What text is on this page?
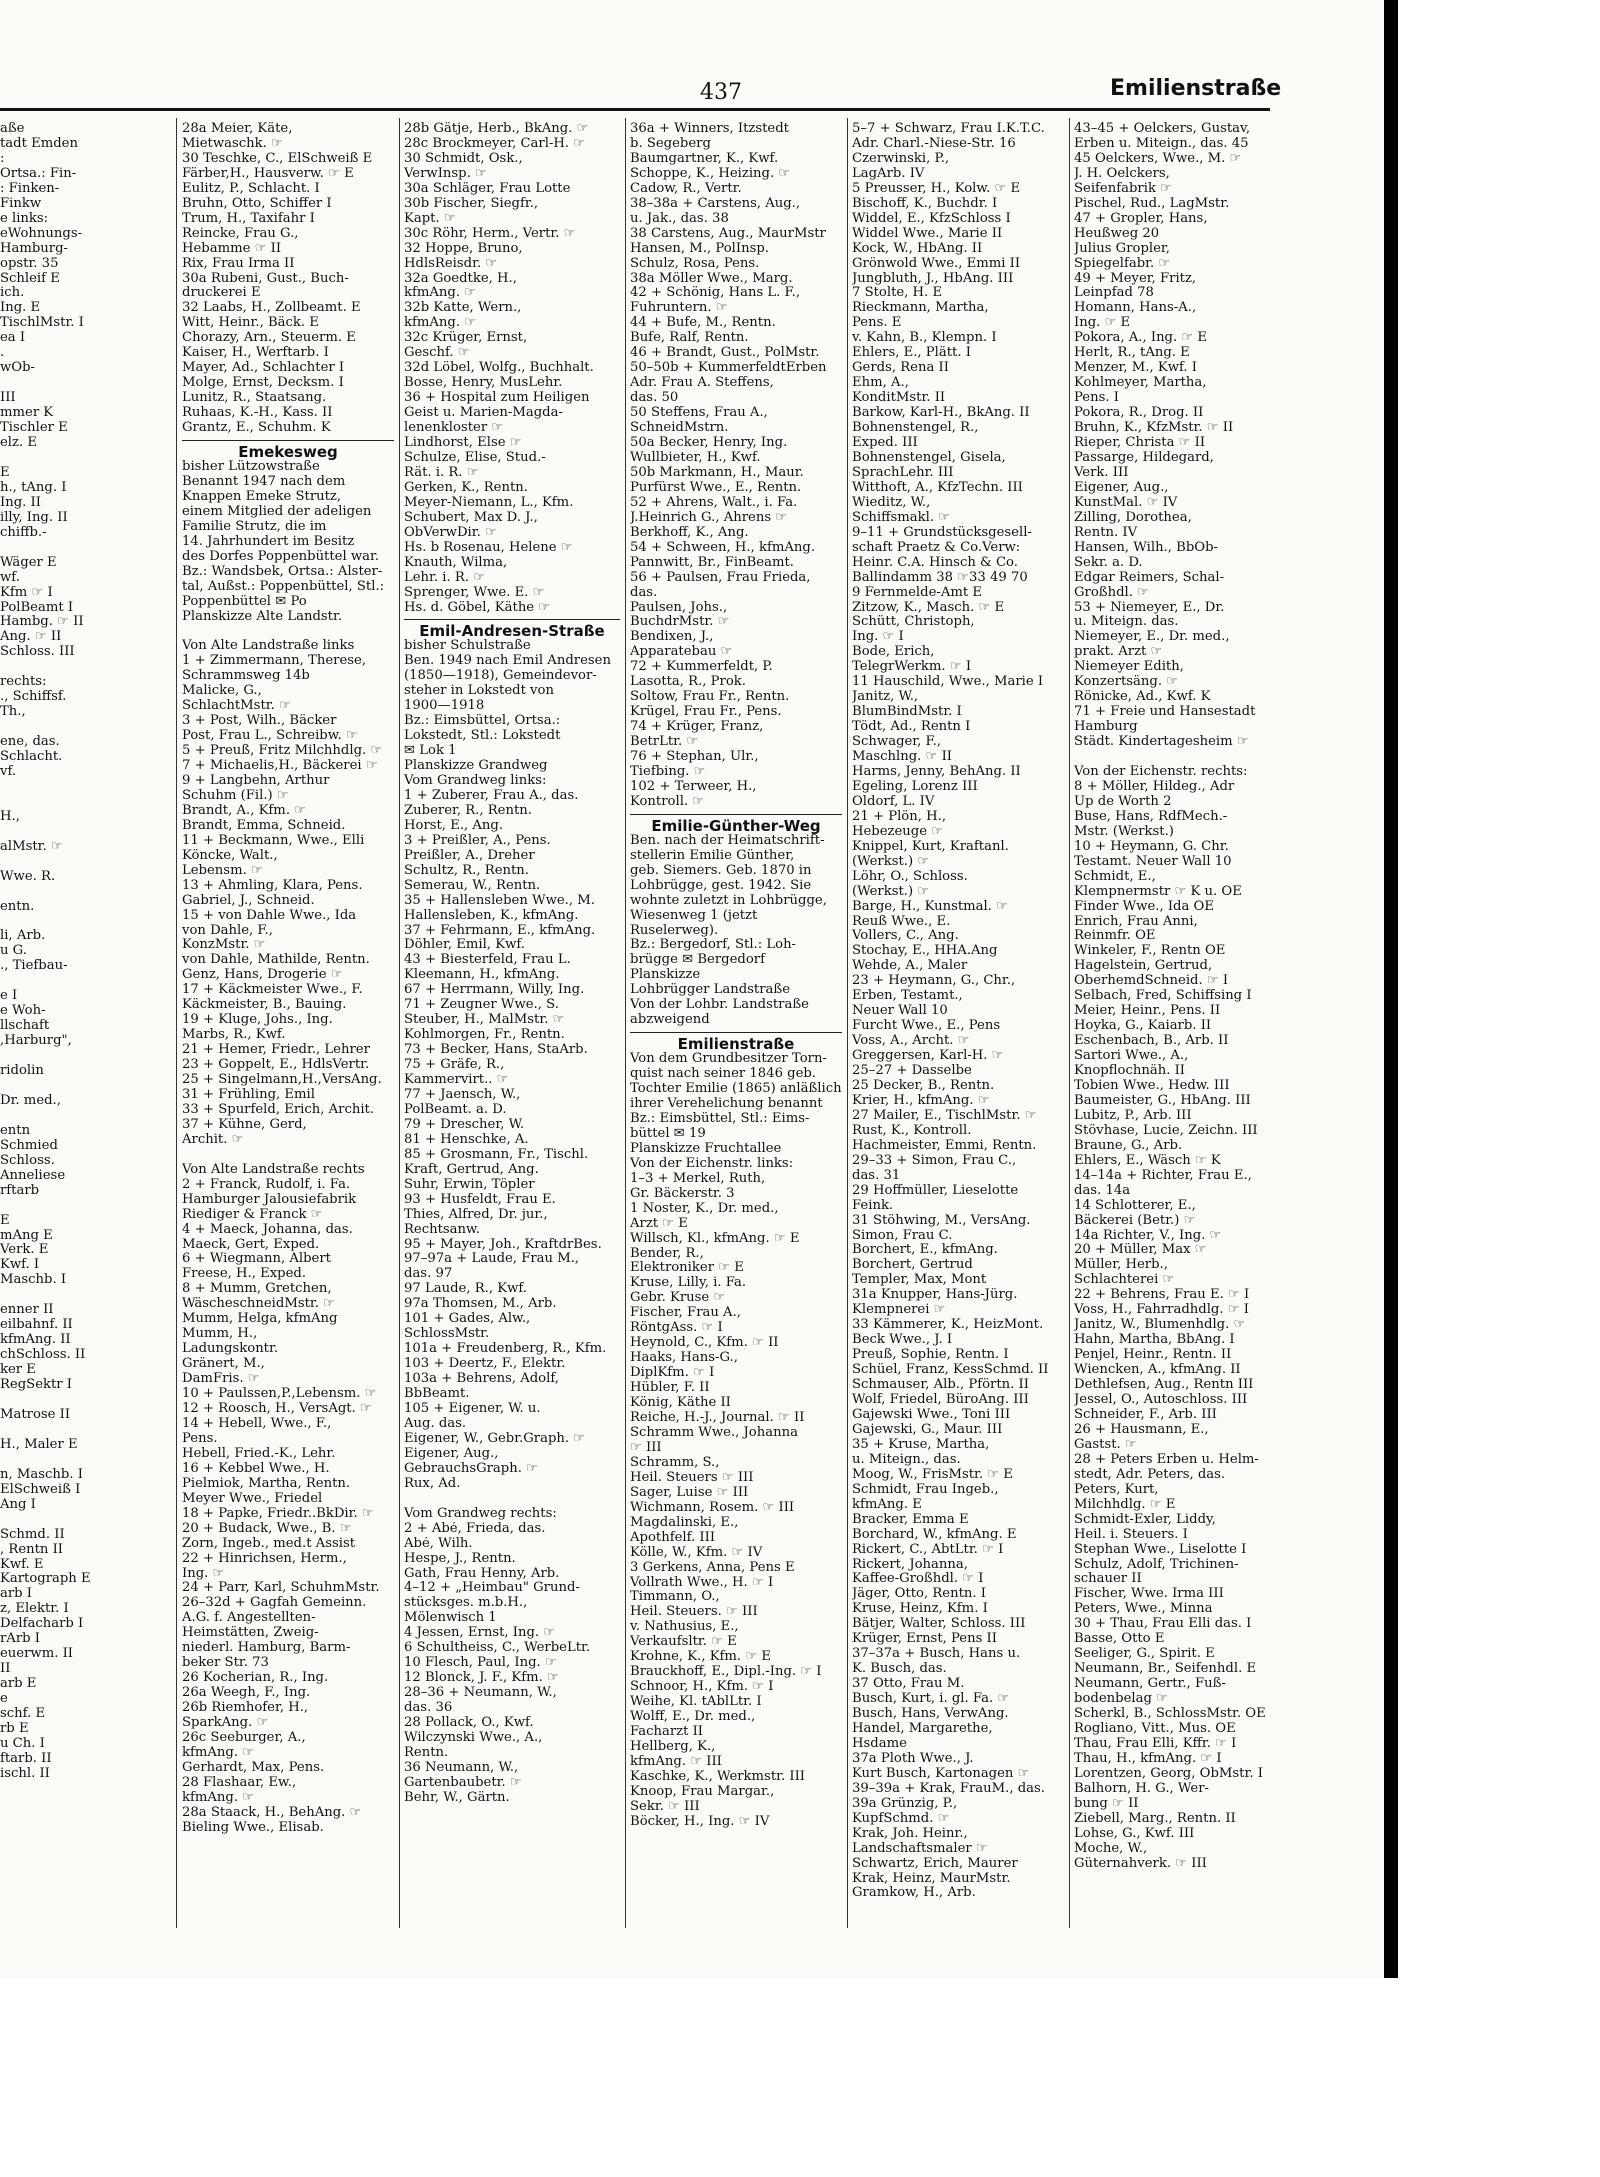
437	Emilienstraße
aße
tadt Emden
:
Ortsa.: Fin-
: Finken-
Finkw
e links:
eWohnungs-
Hamburg-
opstr. 35
Schleif E
ich.
Ing. E
TischlMstr. I
ea I
.
wOb-

III
mmer K
Tischler E
elz. E

E
h., tAng. I
Ing. II
illy, Ing. II
chiffb.-

Wäger E
wf.
Kfm ☞ I
PolBeamt I
Hambg. ☞ II
Ang. ☞ II
Schloss. III

rechts:
., Schiffsf.
Th.,

ene, das.
Schlacht.
vf.

H.,

alMstr. ☞

Wwe. R.

entn.

li, Arb.
u G.
., Tiefbau-

e I
e Woh-
llschaft
,Harburg",

ridolin

Dr. med.,

entn
Schmied
Schloss.
Anneliese
rftarb

E
mAng E
Verk. E
Kwf. I
Maschb. I

enner II
eilbahnf. II
kfmAng. II
chSchloss. II
ker E
RegSektr I

Matrose II

H., Maler E

n, Maschb. I
ElSchweiß I
Ang I

Schmd. II
, Rentn II
Kwf. E
Kartograph E
arb I
z, Elektr. I
Delfacharb I
rArb I
euerwm. II
II
arb E
e
schf. E
rb E
u Ch. I
ftarb. II
ischl. II
28a Meier, Käte,
Mietwaschk. ☞
30 Teschke, C., ElSchweiß E
Färber,H., Hausverw. ☞ E
Eulitz, P., Schlacht. I
Bruhn, Otto, Schiffer I
Trum, H., Taxifahr I
Reincke, Frau G.,
Hebamme ☞ II
Rix, Frau Irma II
30a Rubeni, Gust., Buch-
druckerei E
32 Laabs, H., Zollbeamt. E
Witt, Heinr., Bäck. E
Chorazy, Arn., Steuerm. E
Kaiser, H., Werftarb. I
Mayer, Ad., Schlachter I
Molge, Ernst, Decksm. I
Lunitz, R., Staatsang.
Ruhaas, K.-H., Kass. II
Grantz, E., Schuhm. K
Emekesweg
bisher Lützowstraße
Benannt 1947 nach dem
Knappen Emeke Strutz,
einem Mitglied der adeligen
Familie Strutz, die im
14. Jahrhundert im Besitz
des Dorfes Poppenbüttel war.
Bz.: Wandsbek, Ortsa.: Alster-
tal, Außst.: Poppenbüttel, Stl.:
Poppenbüttel ✉ Po
Planskizze Alte Landstr.

Von Alte Landstraße links
1 + Zimmermann, Therese,
Schrammsweg 14b
Malicke, G.,
SchlachtMstr. ☞
3 + Post, Wilh., Bäcker
Post, Frau L., Schreibw. ☞
5 + Preuß, Fritz Milchhdlg. ☞
7 + Michaelis,H., Bäckerei ☞
9 + Langbehn, Arthur
Schuhm (Fil.) ☞
Brandt, A., Kfm. ☞
Brandt, Emma, Schneid.
11 + Beckmann, Wwe., Elli
Köncke, Walt.,
Lebensm. ☞
13 + Ahmling, Klara, Pens.
Gabriel, J., Schneid.
15 + von Dahle Wwe., Ida
von Dahle, F.,
KonzMstr. ☞
von Dahle, Mathilde, Rentn.
Genz, Hans, Drogerie ☞
17 + Käckmeister Wwe., F.
Käckmeister, B., Bauing.
19 + Kluge, Johs., Ing.
Marbs, R., Kwf.
21 + Hemer, Friedr., Lehrer
23 + Goppelt, E., HdlsVertr.
25 + Singelmann,H.,VersAng.
31 + Frühling, Emil
33 + Spurfeld, Erich, Archit.
37 + Kühne, Gerd,
Archit. ☞

Von Alte Landstraße rechts
2 + Franck, Rudolf, i. Fa.
Hamburger Jalousiefabrik
Riediger & Franck ☞
4 + Maeck, Johanna, das.
Maeck, Gert, Exped.
6 + Wiegmann, Albert
Freese, H., Exped.
8 + Mumm, Gretchen,
WäscheschneidMstr. ☞
Mumm, Helga, kfmAng
Mumm, H.,
Ladungskontr.
Gränert, M.,
DamFris. ☞
10 + Paulssen,P.,Lebensm. ☞
12 + Roosch, H., VersAgt. ☞
14 + Hebell, Wwe., F.,
Pens.
Hebell, Fried.-K., Lehr.
16 + Kebbel Wwe., H.
Pielmiok, Martha, Rentn.
Meyer Wwe., Friedel
18 + Papke, Friedr..BkDir. ☞
20 + Budack, Wwe., B. ☞
Zorn, Ingeb., med.t Assist
22 + Hinrichsen, Herm.,
Ing. ☞
24 + Parr, Karl, SchuhmMstr.
26–32d + Gagfah Gemeinn.
A.G. f. Angestellten-
Heimstätten, Zweig-
niederl. Hamburg, Barm-
beker Str. 73
26 Kocherian, R., Ing.
26a Weegh, F., Ing.
26b Riemhofer, H.,
SparkAng. ☞
26c Seeburger, A.,
kfmAng. ☞
Gerhardt, Max, Pens.
28 Flashaar, Ew.,
kfmAng. ☞
28a Staack, H., BehAng. ☞
Bieling Wwe., Elisab.
28b Gätje, Herb., BkAng. ☞
28c Brockmeyer, Carl-H. ☞
30 Schmidt, Osk.,
VerwInsp. ☞
30a Schläger, Frau Lotte
30b Fischer, Siegfr.,
Kapt. ☞
30c Röhr, Herm., Vertr. ☞
32 Hoppe, Bruno,
HdlsReisdr. ☞
32a Goedtke, H.,
kfmAng. ☞
32b Katte, Wern.,
kfmAng. ☞
32c Krüger, Ernst,
Geschf. ☞
32d Löbel, Wolfg., Buchhalt.
Bosse, Henry, MusLehr.
36 + Hospital zum Heiligen
Geist u. Marien-Magda-
lenenkloster ☞
Lindhorst, Else ☞
Schulze, Elise, Stud.-
Rät. i. R. ☞
Gerken, K., Rentn.
Meyer-Niemann, L., Kfm.
Schubert, Max D. J.,
ObVerwDir. ☞
Hs. b Rosenau, Helene ☞
Knauth, Wilma,
Lehr. i. R. ☞
Sprenger, Wwe. E. ☞
Hs. d. Göbel, Käthe ☞
Emil-Andresen-Straße
bisher Schulstraße
Ben. 1949 nach Emil Andresen
(1850—1918), Gemeindevor-
steher in Lokstedt von
1900—1918
Bz.: Eimsbüttel, Ortsa.:
Lokstedt, Stl.: Lokstedt
✉ Lok 1
Planskizze Grandweg
Vom Grandweg links:
1 + Zuberer, Frau A., das.
Zuberer, R., Rentn.
Horst, E., Ang.
3 + Preißler, A., Pens.
Preißler, A., Dreher
Schultz, R., Rentn.
Semerau, W., Rentn.
35 + Hallensleben Wwe., M.
Hallensleben, K., kfmAng.
37 + Fehrmann, E., kfmAng.
Döhler, Emil, Kwf.
43 + Biesterfeld, Frau L.
Kleemann, H., kfmAng.
67 + Herrmann, Willy, Ing.
71 + Zeugner Wwe., S.
Steuber, H., MalMstr. ☞
Kohlmorgen, Fr., Rentn.
73 + Becker, Hans, StaArb.
75 + Gräfe, R.,
Kammervirt.. ☞
77 + Jaensch, W.,
PolBeamt. a. D.
79 + Drescher, W.
81 + Henschke, A.
85 + Grosmann, Fr., Tischl.
Kraft, Gertrud, Ang.
Suhr, Erwin, Töpler
93 + Husfeldt, Frau E.
Thies, Alfred, Dr. jur.,
Rechtsanw.
95 + Mayer, Joh., KraftdrBes.
97–97a + Laude, Frau M.,
das. 97
97 Laude, R., Kwf.
97a Thomsen, M., Arb.
101 + Gades, Alw.,
SchlossMstr.
101a + Freudenberg, R., Kfm.
103 + Deertz, F., Elektr.
103a + Behrens, Adolf,
BbBeamt.
105 + Eigener, W. u.
Aug. das.
Eigener, W., Gebr.Graph. ☞
Eigener, Aug.,
GebrauchsGraph. ☞
Rux, Ad.

Vom Grandweg rechts:
2 + Abé, Frieda, das.
Abé, Wilh.
Hespe, J., Rentn.
Gath, Frau Henny, Arb.
4–12 + „Heimbau" Grund-
stücksges. m.b.H.,
Mölenwisch 1
4 Jessen, Ernst, Ing. ☞
6 Schultheiss, C., WerbeLtr.
10 Flesch, Paul, Ing. ☞
12 Blonck, J. F., Kfm. ☞
28–36 + Neumann, W.,
das. 36
28 Pollack, O., Kwf.
Wilczynski Wwe., A.,
Rentn.
36 Neumann, W.,
Gartenbaubetr. ☞
Behr, W., Gärtn.
36a + Winners, Itzstedt
b. Segeberg
Baumgartner, K., Kwf.
Schoppe, K., Heizing. ☞
Cadow, R., Vertr.
38–38a + Carstens, Aug.,
u. Jak., das. 38
38 Carstens, Aug., MaurMstr
Hansen, M., PolInsp.
Schulz, Rosa, Pens.
38a Möller Wwe., Marg.
42 + Schönig, Hans L. F.,
Fuhruntern. ☞
44 + Bufe, M., Rentn.
Bufe, Ralf, Rentn.
46 + Brandt, Gust., PolMstr.
50–50b + KummerfeldtErben
Adr. Frau A. Steffens,
das. 50
50 Steffens, Frau A.,
SchneidMstrn.
50a Becker, Henry, Ing.
Wullbieter, H., Kwf.
50b Markmann, H., Maur.
Purfürst Wwe., E., Rentn.
52 + Ahrens, Walt., i. Fa.
J.Heinrich G., Ahrens ☞
Berkhoff, K., Ang.
54 + Schween, H., kfmAng.
Pannwitt, Br., FinBeamt.
56 + Paulsen, Frau Frieda,
das.
Paulsen, Johs.,
BuchdrMstr. ☞
Bendixen, J.,
Apparatebau ☞
72 + Kummerfeldt, P.
Lasotta, R., Prok.
Soltow, Frau Fr., Rentn.
Krügel, Frau Fr., Pens.
74 + Krüger, Franz,
BetrLtr. ☞
76 + Stephan, Ulr.,
Tiefbing. ☞
102 + Terweer, H.,
Kontroll. ☞
Emilie-Günther-Weg
Ben. nach der Heimatschrift-
stellerin Emilie Günther,
geb. Siemers. Geb. 1870 in
Lohbrügge, gest. 1942. Sie
wohnte zuletzt in Lohbrügge,
Wiesenweg 1 (jetzt
Ruselerweg).
Bz.: Bergedorf, Stl.: Loh-
brügge ✉ Bergedorf
Planskizze
Lohbrügger Landstraße
Von der Lohbr. Landstraße
abzweigend
Emilienstraße
Von dem Grundbesitzer Torn-
quist nach seiner 1846 geb.
Tochter Emilie (1865) anläßlich
ihrer Verehelichung benannt
Bz.: Eimsbüttel, Stl.: Eims-
büttel ✉ 19
Planskizze Fruchtallee
Von der Eichenstr. links:
1–3 + Merkel, Ruth,
Gr. Bäckerstr. 3
1 Noster, K., Dr. med.,
Arzt ☞ E
Willsch, Kl., kfmAng. ☞ E
Bender, R.,
Elektroniker ☞ E
Kruse, Lilly, i. Fa.
Gebr. Kruse ☞
Fischer, Frau A.,
RöntgAss. ☞ I
Heynold, C., Kfm. ☞ II
Haaks, Hans-G.,
DiplKfm. ☞ I
Hübler, F. II
König, Käthe II
Reiche, H.-J., Journal. ☞ II
Schramm Wwe., Johanna
☞ III
Schramm, S.,
Heil. Steuers ☞ III
Sager, Luise ☞ III
Wichmann, Rosem. ☞ III
Magdalinski, E.,
Apothfelf. III
Kölle, W., Kfm. ☞ IV
3 Gerkens, Anna, Pens E
Vollrath Wwe., H. ☞ I
Timmann, O.,
Heil. Steuers. ☞ III
v. Nathusius, E.,
Verkaufsltr. ☞ E
Krohne, K., Kfm. ☞ E
Brauckhoff, E., Dipl.-Ing. ☞ I
Schnoor, H., Kfm. ☞ I
Weihe, Kl. tAblLtr. I
Wolff, E., Dr. med.,
Facharzt II
Hellberg, K.,
kfmAng. ☞ III
Kaschke, K., Werkmstr. III
Knoop, Frau Margar.,
Sekr. ☞ III
Böcker, H., Ing. ☞ IV
5–7 + Schwarz, Frau I.K.T.C.
Adr. Charl.-Niese-Str. 16
Czerwinski, P.,
LagArb. IV
5 Preusser, H., Kolw. ☞ E
Bischoff, K., Buchdr. I
Widdel, E., KfzSchloss I
Widdel Wwe., Marie II
Kock, W., HbAng. II
Grönwold Wwe., Emmi II
Jungbluth, J., HbAng. III
7 Stolte, H. E
Rieckmann, Martha,
Pens. E
v. Kahn, B., Klempn. I
Ehlers, E., Plätt. I
Gerds, Rena II
Ehm, A.,
KonditMstr. II
Barkow, Karl-H., BkAng. II
Bohnenstengel, R.,
Exped. III
Bohnenstengel, Gisela,
SprachLehr. III
Witthoft, A., KfzTechn. III
Wieditz, W.,
Schiffsmakl. ☞
9–11 + Grundstücksgesell-
schaft Praetz & Co.Verw:
Heinr. C.A. Hinsch & Co.
Ballindamm 38 ☞33 49 70
9 Fernmelde-Amt E
Zitzow, K., Masch. ☞ E
Schütt, Christoph,
Ing. ☞ I
Bode, Erich,
TelegrWerkm. ☞ I
11 Hauschild, Wwe., Marie I
Janitz, W.,
BlumBindMstr. I
Tödt, Ad., Rentn I
Schwager, F.,
Maschlng. ☞ II
Harms, Jenny, BehAng. II
Egeling, Lorenz III
Oldorf, L. IV
21 + Plön, H.,
Hebezeuge ☞
Knippel, Kurt, Kraftanl.
(Werkst.) ☞
Löhr, O., Schloss.
(Werkst.) ☞
Barge, H., Kunstmal. ☞
Reuß Wwe., E.
Vollers, C., Ang.
Stochay, E., HHA.Ang
Wehde, A., Maler
23 + Heymann, G., Chr.,
Erben, Testamt.,
Neuer Wall 10
Furcht Wwe., E., Pens
Voss, A., Archt. ☞
Greggersen, Karl-H. ☞
25–27 + Dasselbe
25 Decker, B., Rentn.
Krier, H., kfmAng. ☞
27 Mailer, E., TischlMstr. ☞
Rust, K., Kontroll.
Hachmeister, Emmi, Rentn.
29–33 + Simon, Frau C.,
das. 31
29 Hoffmüller, Lieselotte
Feink.
31 Stöhwing, M., VersAng.
Simon, Frau C.
Borchert, E., kfmAng.
Borchert, Gertrud
Templer, Max, Mont
31a Knupper, Hans-Jürg.
Klempnerei ☞
33 Kämmerer, K., HeizMont.
Beck Wwe., J. I
Preuß, Sophie, Rentn. I
Schüel, Franz, KessSchmd. II
Schmauser, Alb., Pförtn. II
Wolf, Friedel, BüroAng. III
Gajewski Wwe., Toni III
Gajewski, G., Maur. III
35 + Kruse, Martha,
u. Miteign., das.
Moog, W., FrisMstr. ☞ E
Schmidt, Frau Ingeb.,
kfmAng. E
Bracker, Emma E
Borchard, W., kfmAng. E
Rickert, C., AbtLtr. ☞ I
Rickert, Johanna,
Kaffee-Großhdl. ☞ I
Jäger, Otto, Rentn. I
Kruse, Heinz, Kfm. I
Bätjer, Walter, Schloss. III
Krüger, Ernst, Pens II
37–37a + Busch, Hans u.
K. Busch, das.
37 Otto, Frau M.
Busch, Kurt, i. gl. Fa. ☞
Busch, Hans, VerwAng.
Handel, Margarethe,
Hsdame
37a Ploth Wwe., J.
Kurt Busch, Kartonagen ☞
39–39a + Krak, FrauM., das.
39a Grünzig, P.,
KupfSchmd. ☞
Krak, Joh. Heinr.,
Landschaftsmaler ☞
Schwartz, Erich, Maurer
Krak, Heinz, MaurMstr.
Gramkow, H., Arb.
43–45 + Oelckers, Gustav,
Erben u. Miteign., das. 45
45 Oelckers, Wwe., M. ☞
J. H. Oelckers,
Seifenfabrik ☞
Pischel, Rud., LagMstr.
47 + Gropler, Hans,
Heußweg 20
Julius Gropler,
Spiegelfabr. ☞
49 + Meyer, Fritz,
Leinpfad 78
Homann, Hans-A.,
Ing. ☞ E
Pokora, A., Ing. ☞ E
Herlt, R., tAng. E
Menzer, M., Kwf. I
Kohlmeyer, Martha,
Pens. I
Pokora, R., Drog. II
Bruhn, K., KfzMstr. ☞ II
Rieper, Christa ☞ II
Passarge, Hildegard,
Verk. III
Eigener, Aug.,
KunstMal. ☞ IV
Zilling, Dorothea,
Rentn. IV
Hansen, Wilh., BbOb-
Sekr. a. D.
Edgar Reimers, Schal-
Großhdl. ☞
53 + Niemeyer, E., Dr.
u. Miteign. das.
Niemeyer, E., Dr. med.,
prakt. Arzt ☞
Niemeyer Edith,
Konzertsäng. ☞
Rönicke, Ad., Kwf. K
71 + Freie und Hansestadt
Hamburg
Städt. Kindertagesheim ☞

Von der Eichenstr. rechts:
8 + Möller, Hildeg., Adr
Up de Worth 2
Buse, Hans, RdfMech.-
Mstr. (Werkst.)
10 + Heymann, G. Chr.
Testamt. Neuer Wall 10
Schmidt, E.,
Klempnermstr ☞ K u. OE
Finder Wwe., Ida OE
Enrich, Frau Anni,
Reinmfr. OE
Winkeler, F., Rentn OE
Hagelstein, Gertrud,
OberhemdSchneid. ☞ I
Selbach, Fred, Schiffsing I
Meier, Heinr., Pens. II
Hoyka, G., Kaiarb. II
Eschenbach, B., Arb. II
Sartori Wwe., A.,
Knopflochnäh. II
Tobien Wwe., Hedw. III
Baumeister, G., HbAng. III
Lubitz, P., Arb. III
Stövhase, Lucie, Zeichn. III
Braune, G., Arb.
Ehlers, E., Wäsch ☞ K
14–14a + Richter, Frau E.,
das. 14a
14 Schlotterer, E.,
Bäckerei (Betr.) ☞
14a Richter, V., Ing. ☞
20 + Müller, Max ☞
Müller, Herb.,
Schlachterei ☞
22 + Behrens, Frau E. ☞ I
Voss, H., Fahrradhdlg. ☞ I
Janitz, W., Blumenhdlg. ☞
Hahn, Martha, BbAng. I
Penjel, Heinr., Rentn. II
Wiencken, A., kfmAng. II
Dethlefsen, Aug., Rentn III
Jessel, O., Autoschloss. III
Schneider, F., Arb. III
26 + Hausmann, E.,
Gastst. ☞
28 + Peters Erben u. Helm-
stedt, Adr. Peters, das.
Peters, Kurt,
Milchhdlg. ☞ E
Schmidt-Exler, Liddy,
Heil. i. Steuers. I
Stephan Wwe., Liselotte I
Schulz, Adolf, Trichinen-
schauer II
Fischer, Wwe. Irma III
Peters, Wwe., Minna
30 + Thau, Frau Elli das. I
Basse, Otto E
Seeliger, G., Spirit. E
Neumann, Br., Seifenhdl. E
Neumann, Gertr., Fuß-
bodenbelag ☞
Scherkl, B., SchlossMstr. OE
Rogliano, Vitt., Mus. OE
Thau, Frau Elli, Kffr. ☞ I
Thau, H., kfmAng. ☞ I
Lorentzen, Georg, ObMstr. I
Balhorn, H. G., Wer-
bung ☞ II
Ziebell, Marg., Rentn. II
Lohse, G., Kwf. III
Moche, W.,
Güternahverk. ☞ III
